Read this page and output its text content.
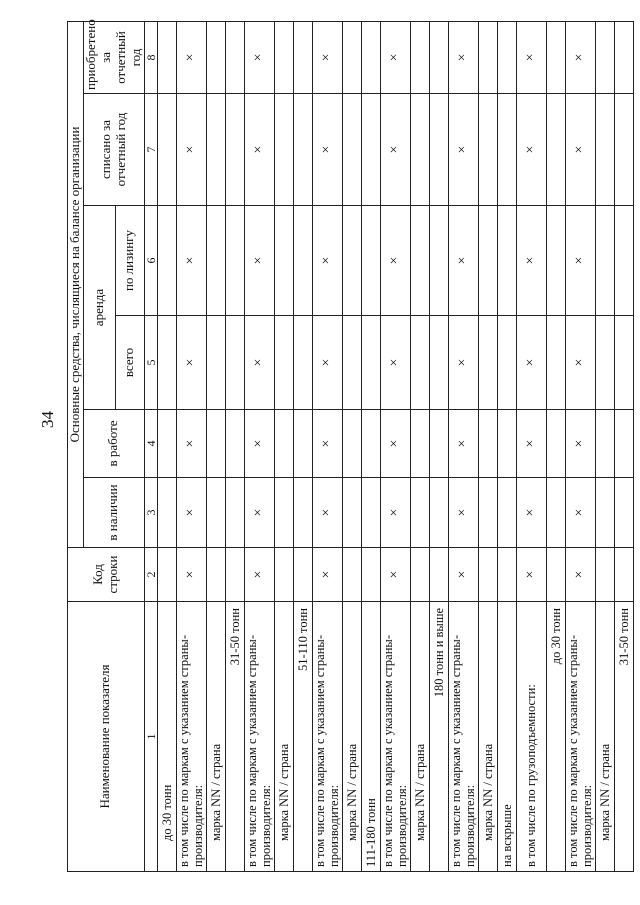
34
Наименование показателя	Код строки	Основные средства, числящиеся на балансе организации					
		в наличии	в работе	аренда		списано за отчетный год	приобретено за отчетный год
				всего	по лизингу		
1	2	3	4	5	6	7	8
до 30 тонн							
в том числе по маркам с указанием страны-производителя:	×	×	×	×	×	×	×
марка NN / страна							
31-50 тонн							
в том числе по маркам с указанием страны-производителя:	×	×	×	×	×	×	×
марка NN / страна							
51-110 тонн							
в том числе по маркам с указанием страны-производителя:	×	×	×	×	×	×	×
марка NN / страна							
111-180 тонн							
в том числе по маркам с указанием страны-производителя:	×	×	×	×	×	×	×
марка NN / страна							
180 тонн и выше							
в том числе по маркам с указанием страны-производителя:	×	×	×	×	×	×	×
марка NN / страна							
на вскрыше							
в том числе по грузоподъемности:	×	×	×	×	×	×	×
до 30 тонн							
в том числе по маркам с указанием страны-производителя:	×	×	×	×	×	×	×
марка NN / страна							
31-50 тонн							
